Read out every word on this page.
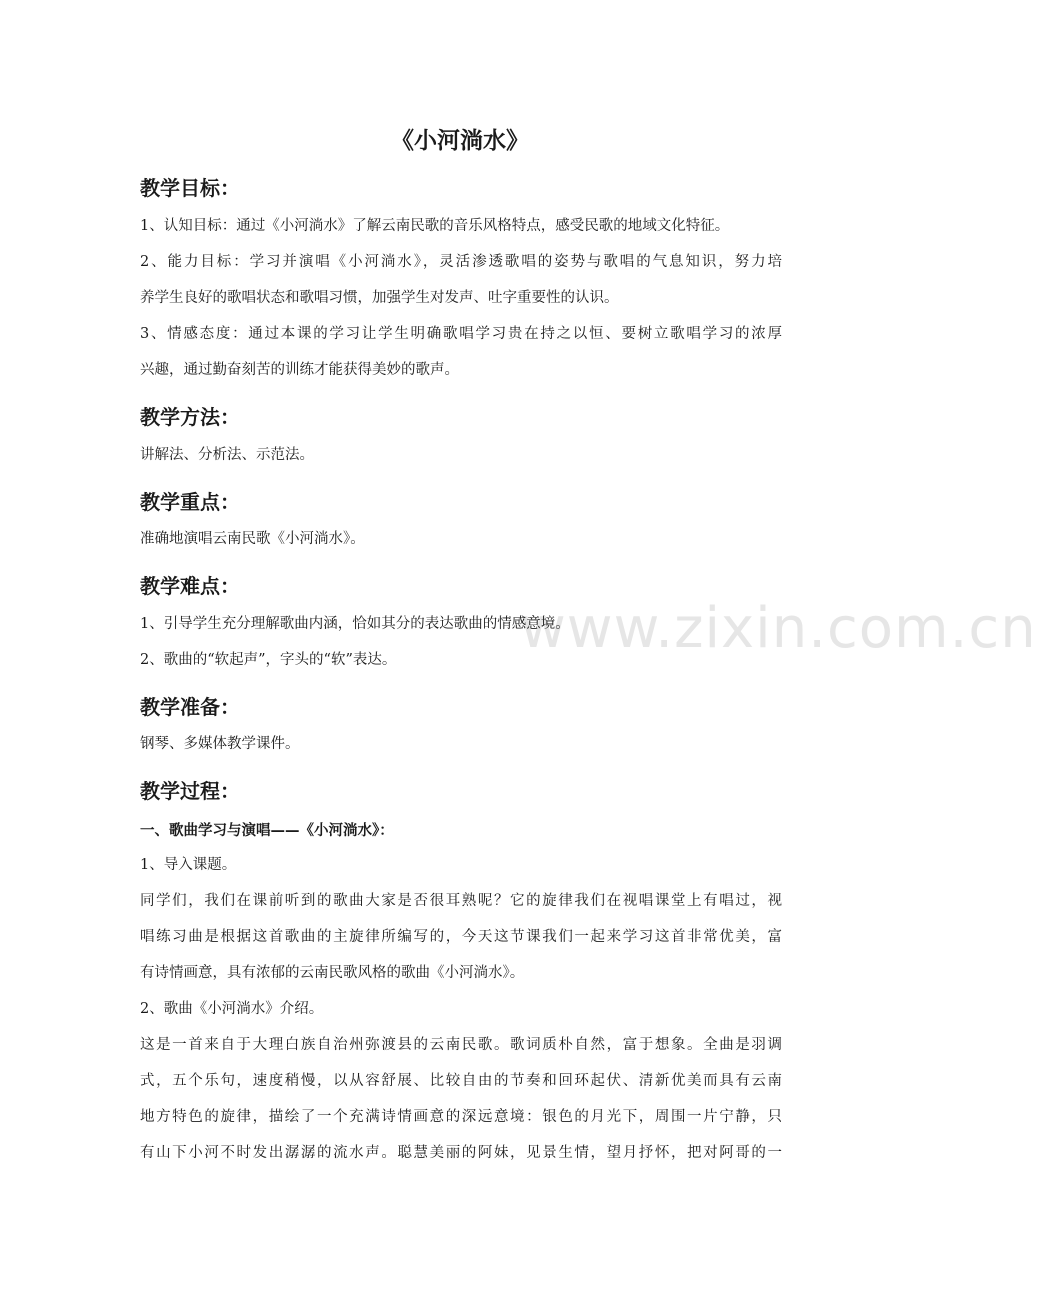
www.zixin.com.cn
《小河淌水》
教学目标：
1、认知目标：通过《小河淌水》了解云南民歌的音乐风格特点，感受民歌的地域文化特征。
2、能力目标：学习并演唱《小河淌水》，灵活渗透歌唱的姿势与歌唱的气息知识，努力培
养学生良好的歌唱状态和歌唱习惯，加强学生对发声、吐字重要性的认识。
3、情感态度：通过本课的学习让学生明确歌唱学习贵在持之以恒、要树立歌唱学习的浓厚
兴趣，通过勤奋刻苦的训练才能获得美妙的歌声。
教学方法：
讲解法、分析法、示范法。
教学重点：
准确地演唱云南民歌《小河淌水》。
教学难点：
1、引导学生充分理解歌曲内涵，恰如其分的表达歌曲的情感意境。
2、歌曲的“软起声”，字头的“软”表达。
教学准备：
钢琴、多媒体教学课件。
教学过程：
一、歌曲学习与演唱——《小河淌水》：
1、导入课题。
同学们，我们在课前听到的歌曲大家是否很耳熟呢？它的旋律我们在视唱课堂上有唱过，视
唱练习曲是根据这首歌曲的主旋律所编写的，今天这节课我们一起来学习这首非常优美，富
有诗情画意，具有浓郁的云南民歌风格的歌曲《小河淌水》。
2、歌曲《小河淌水》介绍。
这是一首来自于大理白族自治州弥渡县的云南民歌。歌词质朴自然，富于想象。全曲是羽调
式，五个乐句，速度稍慢，以从容舒展、比较自由的节奏和回环起伏、清新优美而具有云南
地方特色的旋律，描绘了一个充满诗情画意的深远意境：银色的月光下，周围一片宁静，只
有山下小河不时发出潺潺的流水声。聪慧美丽的阿妹，见景生情，望月抒怀，把对阿哥的一
